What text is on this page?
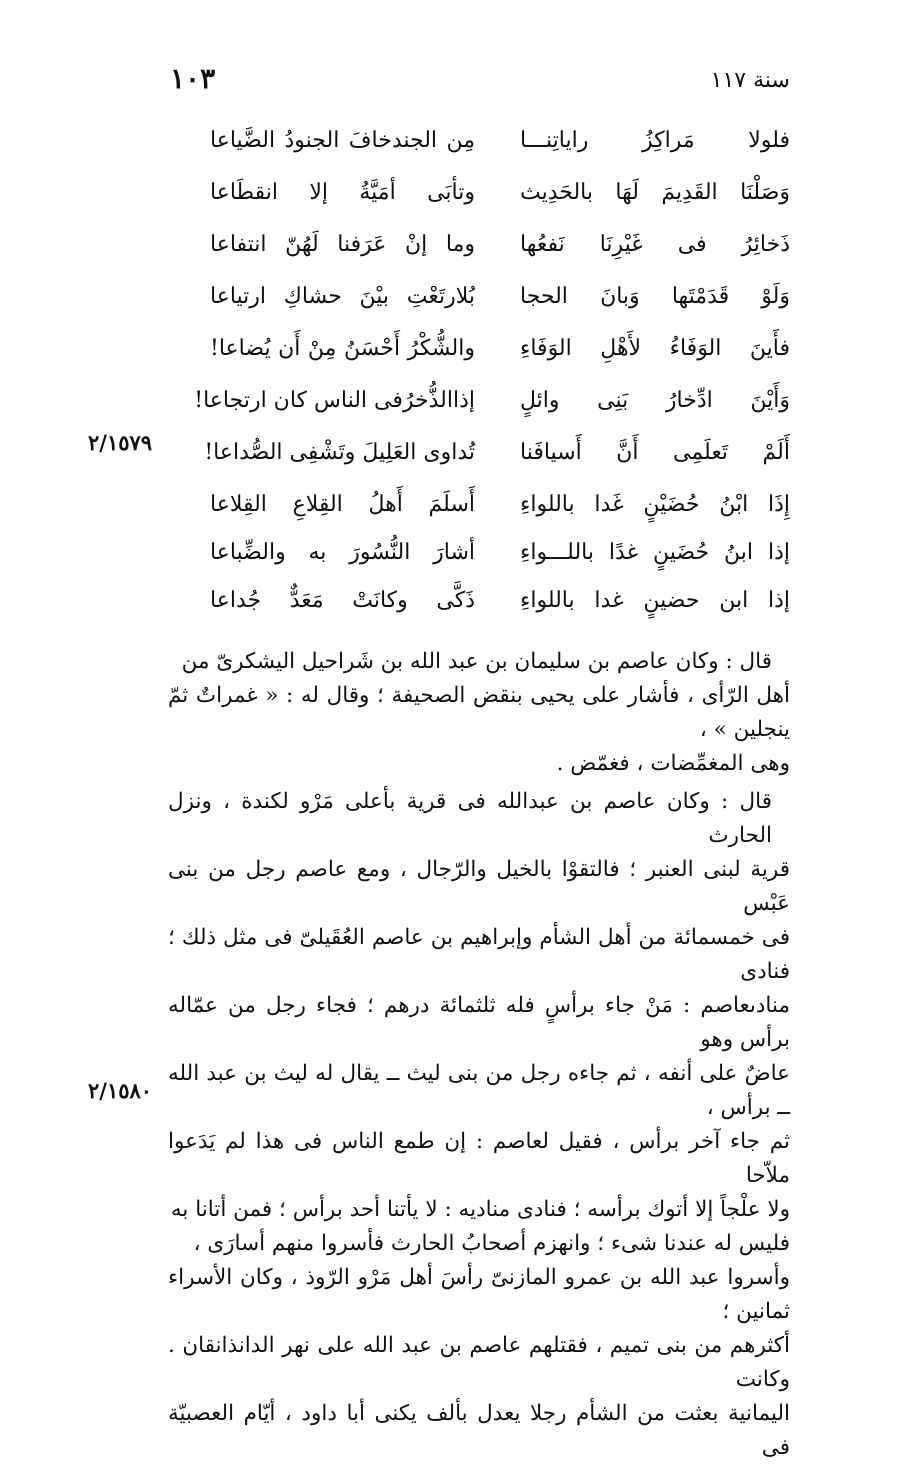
سنة ١١٧
١٠٣
فلولا مَراكِزُ راياتِنـــا
مِن الجندخافَ الجنودُ الضَّياعا
وَصَلْنَا القَدِيمَ لَهَا بالحَدِيث
وتأبَى أمَيَّةُ إلا انقطَاعا
ذَخائِرُ فى غَيْرِنَا نَفعُها
وما إنْ عَرَفنا لَهُنّ انتفاعا
وَلَوْ قَدَمْتَها وَبانَ الحجا
بُلارتَعْتِ بيْنَ حشاكِ ارتياعا
فأَينَ الوَفَاءُ لأَهْلِ الوَفَاءِ
والشُّكْرُ أَحْسَنُ مِنْ أَن يُضاعا!
وَأَيْنَ ادِّخارُ بَنِى وائلٍ
إذاالذُّخرُفى الناس كان ارتجاعا!
أَلَمْ تَعلَمِى أَنَّ أَسيافَنا
تُداوى العَلِيلَ وتَشْفِى الصُّداعا!
إِذَا ابْنُ حُضَيْنٍ غَدا باللواءِ
أَسلَمَ أَهلُ القِلاعِ القِلاعا
إذا ابنُ حُضَينٍ غدًا باللـــواءِ
أشارَ النُّسُورَ به والضِّباعا
إذا ابن حضينٍ غدا باللواءِ
ذَكَّى وكانَتْ مَعَدٌّ جُداعا
٢/١٥٧٩
٢/١٥٨٠
قال : وكان عاصم بن سليمان بن عبد الله بن شَراحيل اليشكرىّ من
أهل الرّأى ، فأشار على يحيى بنقض الصحيفة ؛ وقال له : « غمراتٌ ثمّ ينجلين » ،
وهى المغمِّضات ، فغمّض .
قال : وكان عاصم بن عبدالله فى قرية بأعلى مَرْو لكندة ، ونزل الحارث
قرية لبنى العنبر ؛ فالتقوْا بالخيل والرّجال ، ومع عاصم رجل من بنى عَبْس
فى خمسمائة من أهل الشأم وإبراهيم بن عاصم العُقَيلىّ فى مثل ذلك ؛ فنادى
منادىعاصم : مَنْ جاء برأسٍ فله ثلثمائة درهم ؛ فجاء رجل من عمّاله برأس وهو
عاضٌ على أنفه ، ثم جاءه رجل من بنى ليث ــ يقال له ليث بن عبد الله ــ برأس ،
ثم جاء آخر برأس ، فقيل لعاصم : إن طمع الناس فى هذا لم يَدَعوا ملاّحا
ولا علْجاً إلا أتوك برأسه ؛ فنادى مناديه : لا يأتنا أحد برأس ؛ فمن أتانا به
فليس له عندنا شىء ؛ وانهزم أصحابُ الحارث فأسروا منهم أسارَى ،
وأسروا عبد الله بن عمرو المازنىّ رأسَ أهل مَرْو الرّوذ ، وكان الأسراء ثمانين ؛
أكثرهم من بنى تميم ، فقتلهم عاصم بن عبد الله على نهر الدانذانقان . وكانت
اليمانية بعثت من الشأم رجلا يعدل بألف يكنى أبا داود ، أيّام العصبيّة فى
